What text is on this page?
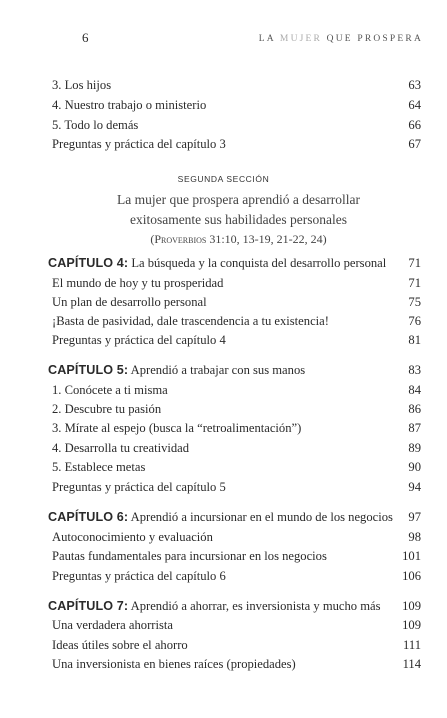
6	LA MUJER QUE PROSPERA
3. Los hijos	63
4. Nuestro trabajo o ministerio	64
5. Todo lo demás	66
Preguntas y práctica del capítulo 3	67
SEGUNDA SECCIÓN
La mujer que prospera aprendió a desarrollar
exitosamente sus habilidades personales
(Proverbios 31:10, 13-19, 21-22, 24)
CAPÍTULO 4: La búsqueda y la conquista del desarrollo personal 71
El mundo de hoy y tu prosperidad	71
Un plan de desarrollo personal	75
¡Basta de pasividad, dale trascendencia a tu existencia!	76
Preguntas y práctica del capítulo 4	81
CAPÍTULO 5: Aprendió a trabajar con sus manos	83
1. Conócete a ti misma	84
2. Descubre tu pasión	86
3. Mírate al espejo (busca la “retroalimentación”)	87
4. Desarrolla tu creatividad	89
5. Establece metas	90
Preguntas y práctica del capítulo 5	94
CAPÍTULO 6: Aprendió a incursionar en el mundo de los negocios 97
Autoconocimiento y evaluación	98
Pautas fundamentales para incursionar en los negocios	101
Preguntas y práctica del capítulo 6	106
CAPÍTULO 7: Aprendió a ahorrar, es inversionista y mucho más 109
Una verdadera ahorrista	109
Ideas útiles sobre el ahorro	111
Una inversionista en bienes raíces (propiedades)	114
